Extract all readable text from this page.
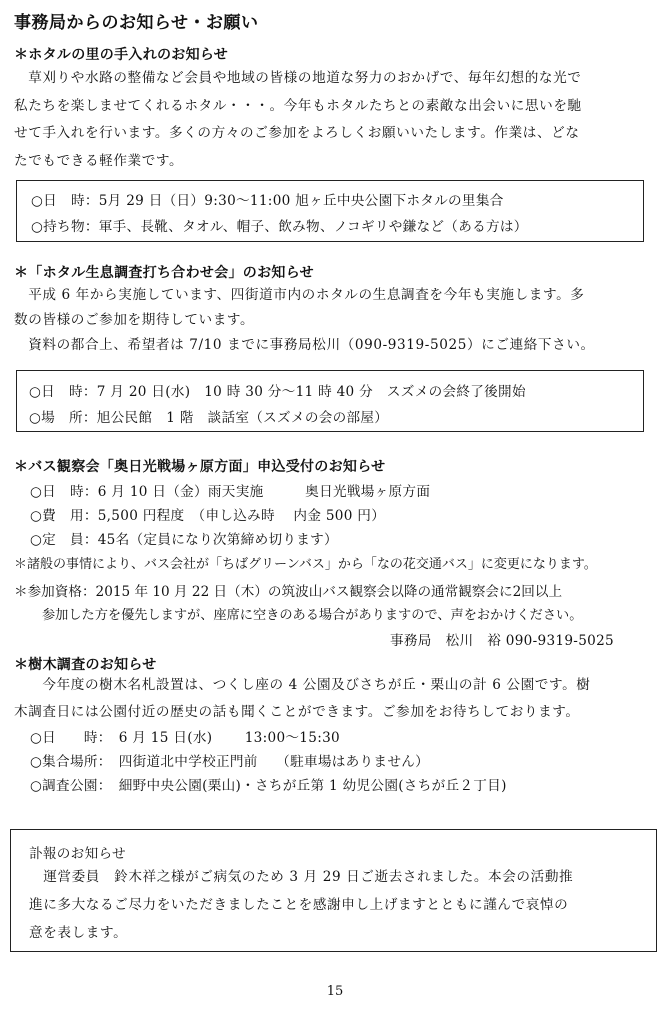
事務局からのお知らせ・お願い
＊ホタルの里の手入れのお知らせ
　草刈りや水路の整備など会員や地域の皆様の地道な努力のおかげで、毎年幻想的な光で
私たちを楽しませてくれるホタル・・・。今年もホタルたちとの素敵な出会いに思いを馳
せて手入れを行います。多くの方々のご参加をよろしくお願いいたします。作業は、どな
たでもできる軽作業です。
○日　時：5月 29 日（日）9:30〜11:00 旭ヶ丘中央公園下ホタルの里集合
○持ち物：軍手、長靴、タオル、帽子、飲み物、ノコギリや鎌など（ある方は）
＊「ホタル生息調査打ち合わせ会」のお知らせ
　平成 6 年から実施しています、四街道市内のホタルの生息調査を今年も実施します。多
数の皆様のご参加を期待しています。
　資料の都合上、希望者は 7/10 までに事務局松川（090-9319-5025）にご連絡下さい。
○日　時：7 月 20 日(水)　10 時 30 分〜11 時 40 分　スズメの会終了後開始
○場　所：旭公民館　1 階　談話室（スズメの会の部屋）
＊バス観察会「奥日光戦場ヶ原方面」申込受付のお知らせ
○日　時：6 月 10 日（金）雨天実施　　　奥日光戦場ヶ原方面
○費　用：5,500 円程度　（申し込み時　 内金 500 円）
○定　員：45名（定員になり次第締め切ります）
＊諸般の事情により、バス会社が「ちばグリーンバス」から「なの花交通バス」に変更になります。
＊参加資格：2015 年 10 月 22 日（木）の筑波山バス観察会以降の通常観察会に2回以上
参加した方を優先しますが、座席に空きのある場合がありますので、声をおかけください。
事務局　松川　裕 090-9319-5025
＊樹木調査のお知らせ
　　今年度の樹木名札設置は、つくし座の 4 公園及びさちが丘・栗山の計 6 公園です。樹
木調査日には公園付近の歴史の話も聞くことができます。ご参加をお待ちしております。
○日　　時：　6 月 15 日(水)　　 13:00〜15:30
○集合場所：　四街道北中学校正門前　 （駐車場はありません）
○調査公園：　細野中央公園(栗山)・さちが丘第 1 幼児公園(さちが丘２丁目)
訃報のお知らせ
　運営委員　鈴木祥之様がご病気のため 3 月 29 日ご逝去されました。本会の活動推
進に多大なるご尽力をいただきましたことを感謝申し上げますとともに謹んで哀悼の
意を表します。
15
